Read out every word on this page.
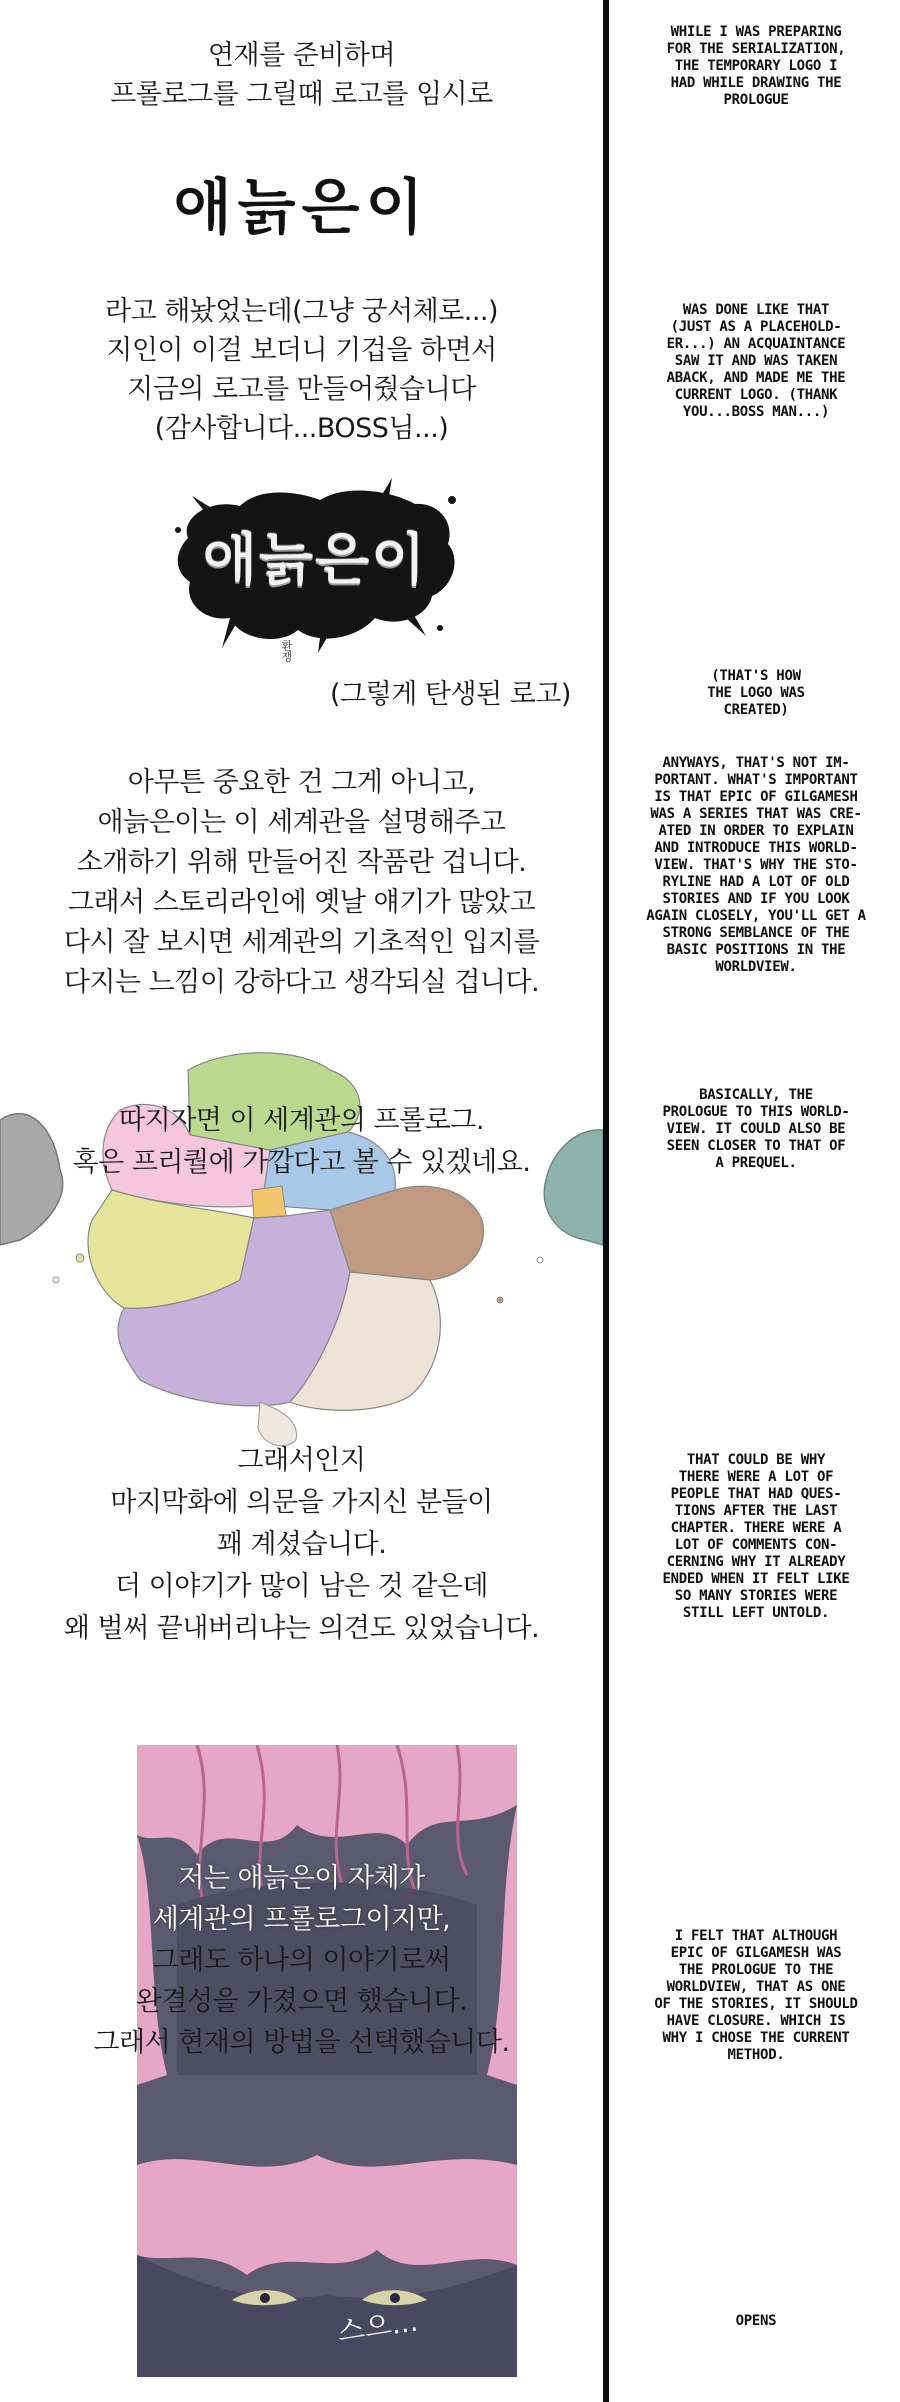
연재를 준비하며
프롤로그를 그릴때 로고를 임시로
애늙은이
라고 해놨었는데(그냥 궁서체로...)
지인이 이걸 보더니 기겁을 하면서
지금의 로고를 만들어줬습니다
(감사합니다...BOSS님...)
애늙은이
환쟁
(그렇게 탄생된 로고)
아무튼 중요한 건 그게 아니고,
애늙은이는 이 세계관을 설명해주고
소개하기 위해 만들어진 작품란 겁니다.
그래서 스토리라인에 옛날 얘기가 많았고
다시 잘 보시면 세계관의 기초적인 입지를
다지는 느낌이 강하다고 생각되실 겁니다.
따지자면 이 세계관의 프롤로그.
혹은 프리퀄에 가깝다고 볼 수 있겠네요.
그래서인지
마지막화에 의문을 가지신 분들이
꽤 계셨습니다.
더 이야기가 많이 남은 것 같은데
왜 벌써 끝내버리냐는 의견도 있었습니다.
스으...
저는 애늙은이 자체가
세계관의 프롤로그이지만,
그래도 하나의 이야기로써
완결성을 가졌으면 했습니다.
그래서 현재의 방법을 선택했습니다.
WHILE I WAS PREPARING
FOR THE SERIALIZATION,
THE TEMPORARY LOGO I
HAD WHILE DRAWING THE
PROLOGUE
WAS DONE LIKE THAT
(JUST AS A PLACEHOLD-
ER...) AN ACQUAINTANCE
SAW IT AND WAS TAKEN
ABACK, AND MADE ME THE
CURRENT LOGO. (THANK
YOU...BOSS MAN...)
(THAT'S HOW
THE LOGO WAS
CREATED)
ANYWAYS, THAT'S NOT IM-
PORTANT. WHAT'S IMPORTANT
IS THAT EPIC OF GILGAMESH
WAS A SERIES THAT WAS CRE-
ATED IN ORDER TO EXPLAIN
AND INTRODUCE THIS WORLD-
VIEW. THAT'S WHY THE STO-
RYLINE HAD A LOT OF OLD
STORIES AND IF YOU LOOK
AGAIN CLOSELY, YOU'LL GET A
STRONG SEMBLANCE OF THE
BASIC POSITIONS IN THE
WORLDVIEW.
BASICALLY, THE
PROLOGUE TO THIS WORLD-
VIEW. IT COULD ALSO BE
SEEN CLOSER TO THAT OF
A PREQUEL.
THAT COULD BE WHY
THERE WERE A LOT OF
PEOPLE THAT HAD QUES-
TIONS AFTER THE LAST
CHAPTER. THERE WERE A
LOT OF COMMENTS CON-
CERNING WHY IT ALREADY
ENDED WHEN IT FELT LIKE
SO MANY STORIES WERE
STILL LEFT UNTOLD.
I FELT THAT ALTHOUGH
EPIC OF GILGAMESH WAS
THE PROLOGUE TO THE
WORLDVIEW, THAT AS ONE
OF THE STORIES, IT SHOULD
HAVE CLOSURE. WHICH IS
WHY I CHOSE THE CURRENT
METHOD.
OPENS
